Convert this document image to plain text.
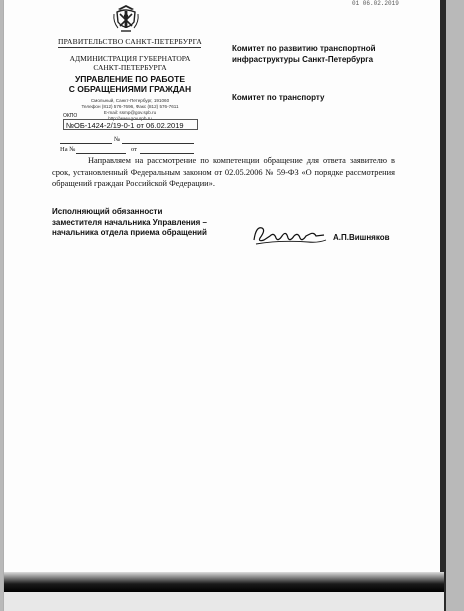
01 06.02.2019
ПРАВИТЕЛЬСТВО САНКТ-ПЕТЕРБУРГА
АДМИНИСТРАЦИЯ ГУБЕРНАТОРА
САНКТ-ПЕТЕРБУРГА
УПРАВЛЕНИЕ ПО РАБОТЕ
С ОБРАЩЕНИЯМИ ГРАЖДАН
Смольный, Санкт-Петербург, 191060
Телефон (812) 576-7696, Факс (812) 576-7611
E-mail: ssmp@gov.spb.ru
http://www.gov.spb.ru
ОКПО
№ОБ-1424-2/19-0-1 от 06.02.2019
№
На №	от
Комитет по развитию транспортной
инфраструктуры Санкт-Петербурга
Комитет по транспорту
Направляем на рассмотрение по компетенции обращение для ответа заявителю в срок, установленный Федеральным законом от 02.05.2006 № 59-ФЗ «О порядке рассмотрения обращений граждан Российской Федерации».
Исполняющий обязанности
заместителя начальника Управления –
начальника отдела приема обращений
А.П.Вишняков
